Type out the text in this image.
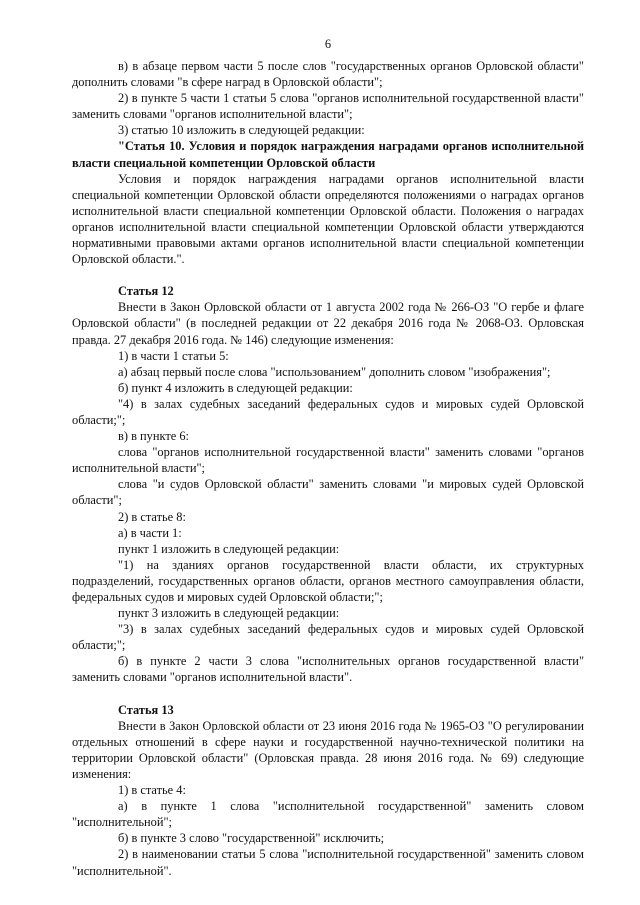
6

в) в абзаце первом части 5 после слов "государственных органов Орловской области" дополнить словами "в сфере наград в Орловской области";

2) в пункте 5 части 1 статьи 5 слова "органов исполнительной государственной власти" заменить словами "органов исполнительной власти";

3) статью 10 изложить в следующей редакции:

"Статья 10. Условия и порядок награждения наградами органов исполнительной власти специальной компетенции Орловской области

Условия и порядок награждения наградами органов исполнительной власти специальной компетенции Орловской области определяются положениями о наградах органов исполнительной власти специальной компетенции Орловской области. Положения о наградах органов исполнительной власти специальной компетенции Орловской области утверждаются нормативными правовыми актами органов исполнительной власти специальной компетенции Орловской области.".

Статья 12

Внести в Закон Орловской области от 1 августа 2002 года № 266-ОЗ "О гербе и флаге Орловской области" (в последней редакции от 22 декабря 2016 года № 2068-ОЗ. Орловская правда. 27 декабря 2016 года. № 146) следующие изменения:

1) в части 1 статьи 5:

а) абзац первый после слова "использованием" дополнить словом "изображения";

б) пункт 4 изложить в следующей редакции:

"4) в залах судебных заседаний федеральных судов и мировых судей Орловской области;";

в) в пункте 6:

слова "органов исполнительной государственной власти" заменить словами "органов исполнительной власти";

слова "и судов Орловской области" заменить словами "и мировых судей Орловской области";

2) в статье 8:

а) в части 1:

пункт 1 изложить в следующей редакции:

"1) на зданиях органов государственной власти области, их структурных подразделений, государственных органов области, органов местного самоуправления области, федеральных судов и мировых судей Орловской области;";

пункт 3 изложить в следующей редакции:

"3) в залах судебных заседаний федеральных судов и мировых судей Орловской области;";

б) в пункте 2 части 3 слова "исполнительных органов государственной власти" заменить словами "органов исполнительной власти".

Статья 13

Внести в Закон Орловской области от 23 июня 2016 года № 1965-ОЗ "О регулировании отдельных отношений в сфере науки и государственной научно-технической политики на территории Орловской области" (Орловская правда. 28 июня 2016 года. № 69) следующие изменения:

1) в статье 4:

а) в пункте 1 слова "исполнительной государственной" заменить словом "исполнительной";

б) в пункте 3 слово "государственной" исключить;

2) в наименовании статьи 5 слова "исполнительной государственной" заменить словом "исполнительной".
